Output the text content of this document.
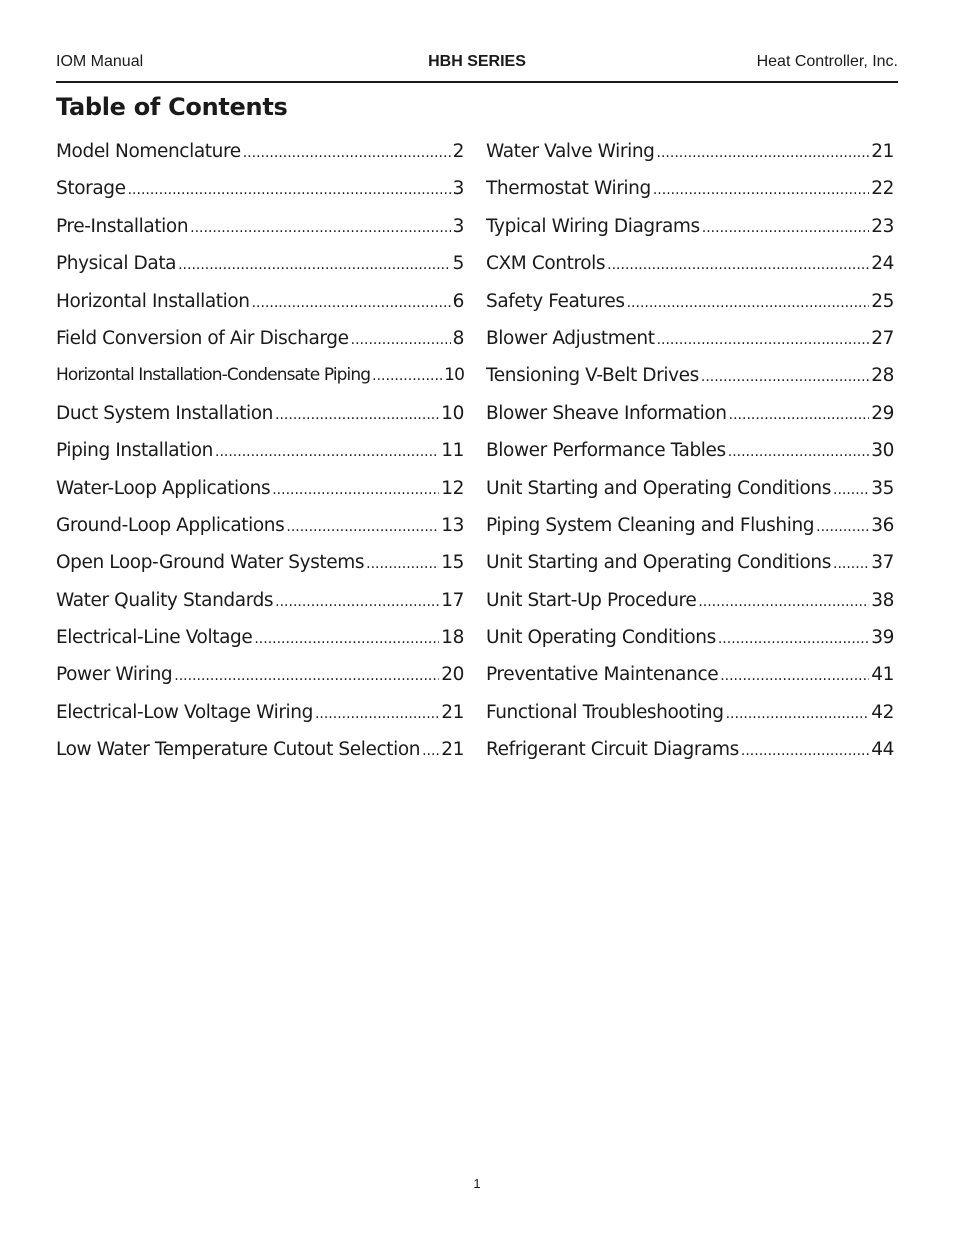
IOM Manual	HBH SERIES	Heat Controller, Inc.
Table of Contents
Model Nomenclature .....	2
Storage .....	3
Pre-Installation .....	3
Physical Data .....	5
Horizontal Installation .....	6
Field Conversion of Air Discharge .....	8
Horizontal Installation-Condensate Piping .....	10
Duct System Installation .....	10
Piping Installation .....	11
Water-Loop Applications .....	12
Ground-Loop Applications .....	13
Open Loop-Ground Water Systems .....	15
Water Quality Standards .....	17
Electrical-Line Voltage .....	18
Power Wiring .....	20
Electrical-Low Voltage Wiring .....	21
Low Water Temperature Cutout Selection ..... 21
Water Valve Wiring .....	21
Thermostat Wiring .....	22
Typical Wiring Diagrams .....	23
CXM Controls .....	24
Safety Features .....	25
Blower Adjustment .....	27
Tensioning V-Belt Drives .....	28
Blower Sheave Information .....	29
Blower Performance Tables .....	30
Unit Starting and Operating Conditions ..... 35
Piping System Cleaning and Flushing .....	36
Unit Starting and Operating Conditions ..... 37
Unit Start-Up Procedure .....	38
Unit Operating Conditions .....	39
Preventative Maintenance .....	41
Functional Troubleshooting .....	42
Refrigerant Circuit Diagrams .....	44
1
